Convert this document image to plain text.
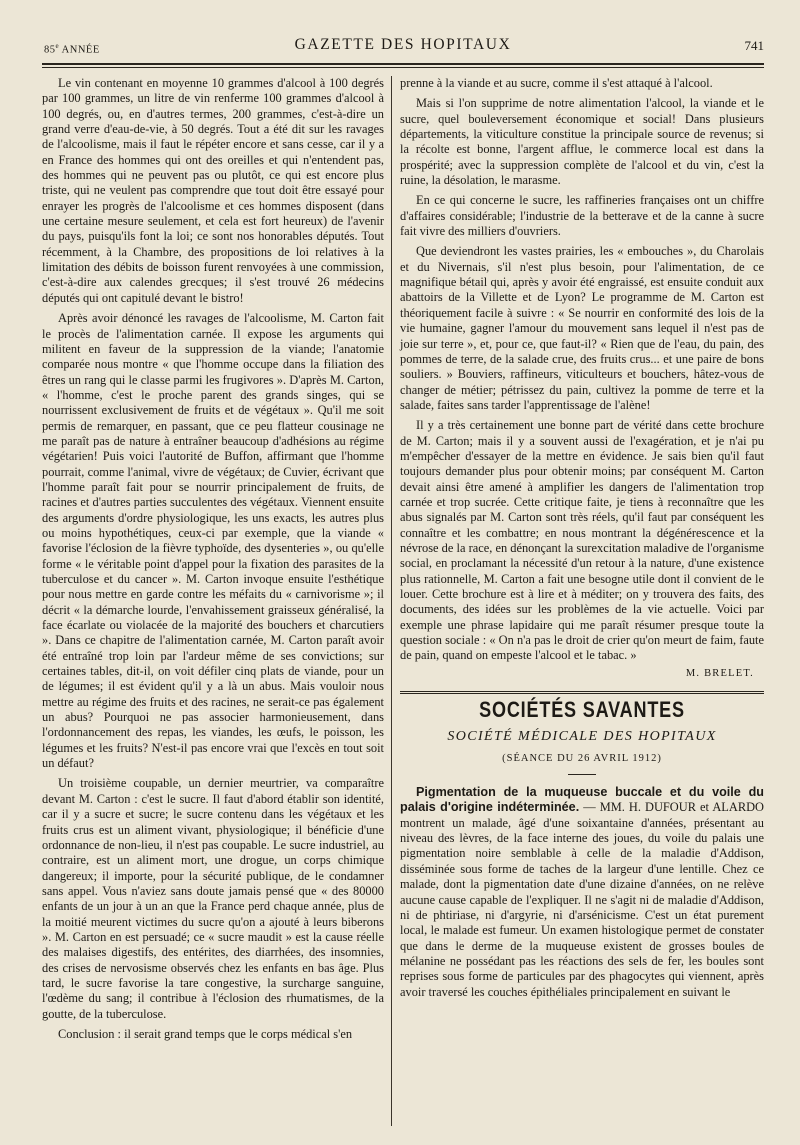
85e ANNÉE	GAZETTE DES HOPITAUX	741

Le vin contenant en moyenne 10 grammes d'alcool à 100 degrés par 100 grammes, un litre de vin renferme 100 grammes d'alcool à 100 degrés, ou, en d'autres termes, 200 grammes, c'est-à-dire un grand verre d'eau-de-vie, à 50 degrés. Tout a été dit sur les ravages de l'alcoolisme, mais il faut le répéter encore et sans cesse, car il y a en France des hommes qui ont des oreilles et qui n'entendent pas, des hommes qui ne peuvent pas ou plutôt, ce qui est encore plus triste, qui ne veulent pas comprendre que tout doit être essayé pour enrayer les progrès de l'alcoolisme et ces hommes disposent (dans une certaine mesure seulement, et cela est fort heureux) de l'avenir du pays, puisqu'ils font la loi; ce sont nos honorables députés. Tout récemment, à la Chambre, des propositions de loi relatives à la limitation des débits de boisson furent renvoyées à une commission, c'est-à-dire aux calendes grecques; il s'est trouvé 26 médecins députés qui ont capitulé devant le bistro!

Après avoir dénoncé les ravages de l'alcoolisme, M. Carton fait le procès de l'alimentation carnée. Il expose les arguments qui militent en faveur de la suppression de la viande; l'anatomie comparée nous montre « que l'homme occupe dans la filiation des êtres un rang qui le classe parmi les frugivores ». D'après M. Carton, « l'homme, c'est le proche parent des grands singes, qui se nourrissent exclusivement de fruits et de végétaux ». Qu'il me soit permis de remarquer, en passant, que ce peu flatteur cousinage ne me paraît pas de nature à entraîner beaucoup d'adhésions au régime végétarien! Puis voici l'autorité de Buffon, affirmant que l'homme pourrait, comme l'animal, vivre de végétaux; de Cuvier, écrivant que l'homme paraît fait pour se nourrir principalement de fruits, de racines et d'autres parties succulentes des végétaux. Viennent ensuite des arguments d'ordre physiologique, les uns exacts, les autres plus ou moins hypothétiques, ceux-ci par exemple, que la viande « favorise l'éclosion de la fièvre typhoïde, des dysenteries », ou qu'elle forme « le véritable point d'appel pour la fixation des parasites de la tuberculose et du cancer ». M. Carton invoque ensuite l'esthétique pour nous mettre en garde contre les méfaits du « carnivorisme »; il décrit « la démarche lourde, l'envahissement graisseux généralisé, la face écarlate ou violacée de la majorité des bouchers et charcutiers ». Dans ce chapitre de l'alimentation carnée, M. Carton paraît avoir été entraîné trop loin par l'ardeur même de ses convictions; sur certaines tables, dit-il, on voit défiler cinq plats de viande, pour un de légumes; il est évident qu'il y a là un abus. Mais vouloir nous mettre au régime des fruits et des racines, ne serait-ce pas également un abus? Pourquoi ne pas associer harmonieusement, dans l'ordonnancement des repas, les viandes, les œufs, le poisson, les légumes et les fruits? N'est-il pas encore vrai que l'excès en tout soit un défaut?

Un troisième coupable, un dernier meurtrier, va comparaître devant M. Carton : c'est le sucre. Il faut d'abord établir son identité, car il y a sucre et sucre; le sucre contenu dans les végétaux et les fruits crus est un aliment vivant, physiologique; il bénéficie d'une ordonnance de non-lieu, il n'est pas coupable. Le sucre industriel, au contraire, est un aliment mort, une drogue, un corps chimique dangereux; il importe, pour la sécurité publique, de le condamner sans appel. Vous n'aviez sans doute jamais pensé que « des 80000 enfants de un jour à un an que la France perd chaque année, plus de la moitié meurent victimes du sucre qu'on a ajouté à leurs biberons ». M. Carton en est persuadé; ce « sucre maudit » est la cause réelle des malaises digestifs, des entérites, des diarrhées, des insomnies, des crises de nervosisme observés chez les enfants en bas âge. Plus tard, le sucre favorise la tare congestive, la surcharge sanguine, l'œdème du sang; il contribue à l'éclosion des rhumatismes, de la goutte, de la tuberculose.

Conclusion : il serait grand temps que le corps médical s'en

prenne à la viande et au sucre, comme il s'est attaqué à l'alcool.

Mais si l'on supprime de notre alimentation l'alcool, la viande et le sucre, quel bouleversement économique et social! Dans plusieurs départements, la viticulture constitue la principale source de revenus; si la récolte est bonne, l'argent afflue, le commerce local est dans la prospérité; avec la suppression complète de l'alcool et du vin, c'est la ruine, la désolation, le marasme.

En ce qui concerne le sucre, les raffineries françaises ont un chiffre d'affaires considérable; l'industrie de la betterave et de la canne à sucre fait vivre des milliers d'ouvriers.

Que deviendront les vastes prairies, les « embouches », du Charolais et du Nivernais, s'il n'est plus besoin, pour l'alimentation, de ce magnifique bétail qui, après y avoir été engraissé, est ensuite conduit aux abattoirs de la Villette et de Lyon? Le programme de M. Carton est théoriquement facile à suivre : « Se nourrir en conformité des lois de la vie humaine, gagner l'amour du mouvement sans lequel il n'est pas de joie sur terre », et, pour ce, que faut-il? « Rien que de l'eau, du pain, des pommes de terre, de la salade crue, des fruits crus... et une paire de bons souliers. » Bouviers, raffineurs, viticulteurs et bouchers, hâtez-vous de changer de métier; pétrissez du pain, cultivez la pomme de terre et la salade, faites sans tarder l'apprentissage de l'alène!

Il y a très certainement une bonne part de vérité dans cette brochure de M. Carton; mais il y a souvent aussi de l'exagération, et je n'ai pu m'empêcher d'essayer de la mettre en évidence. Je sais bien qu'il faut toujours demander plus pour obtenir moins; par conséquent M. Carton devait ainsi être amené à amplifier les dangers de l'alimentation trop carnée et trop sucrée. Cette critique faite, je tiens à reconnaître que les abus signalés par M. Carton sont très réels, qu'il faut par conséquent les connaître et les combattre; en nous montrant la dégénérescence et la névrose de la race, en dénonçant la surexcitation maladive de l'organisme social, en proclamant la nécessité d'un retour à la nature, d'une existence plus rationnelle, M. Carton a fait une besogne utile dont il convient de le louer. Cette brochure est à lire et à méditer; on y trouvera des faits, des documents, des idées sur les problèmes de la vie actuelle. Voici par exemple une phrase lapidaire qui me paraît résumer presque toute la question sociale : « On n'a pas le droit de crier qu'on meurt de faim, faute de pain, quand on empeste l'alcool et le tabac. »

M. BRELET.
SOCIÉTÉS SAVANTES
SOCIÉTÉ MÉDICALE DES HOPITAUX
(SÉANCE DU 26 AVRIL 1912)

Pigmentation de la muqueuse buccale et du voile du palais d'origine indéterminée. — MM. H. DUFOUR et ALARDO montrent un malade, âgé d'une soixantaine d'années, présentant au niveau des lèvres, de la face interne des joues, du voile du palais une pigmentation noire semblable à celle de la maladie d'Addison, disséminée sous forme de taches de la largeur d'une lentille. Chez ce malade, dont la pigmentation date d'une dizaine d'années, on ne relève aucune cause capable de l'expliquer. Il ne s'agit ni de maladie d'Addison, ni de phtiriase, ni d'argyrie, ni d'arsénicisme. C'est un état purement local, le malade est fumeur. Un examen histologique permet de constater que dans le derme de la muqueuse existent de grosses boules de mélanine ne possédant pas les réactions des sels de fer, les boules sont reprises sous forme de particules par des phagocytes qui viennent, après avoir traversé les couches épithéliales principalement en suivant le
